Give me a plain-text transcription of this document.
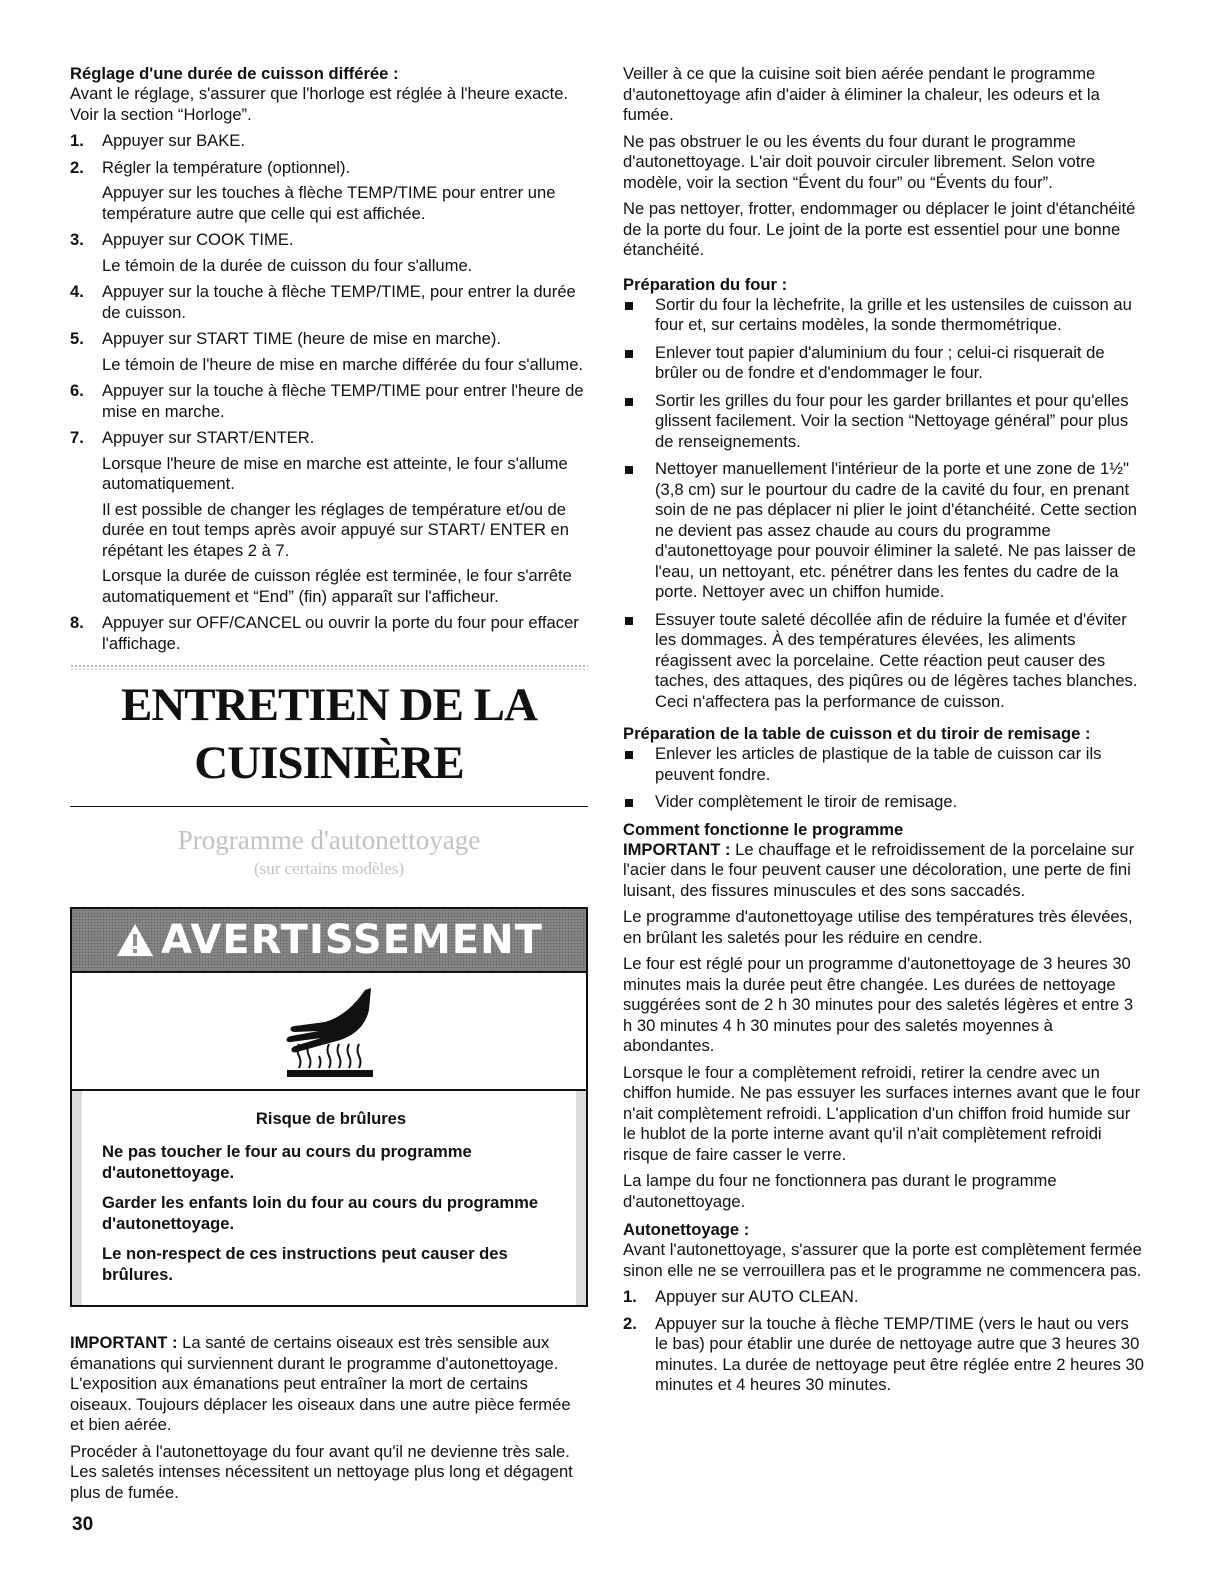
Réglage d'une durée de cuisson différée :

Avant le réglage, s'assurer que l'horloge est réglée à l'heure exacte. Voir la section “Horloge”.

1. Appuyer sur BAKE.
2. Régler la température (optionnel).
Appuyer sur les touches à flèche TEMP/TIME pour entrer une température autre que celle qui est affichée.
3. Appuyer sur COOK TIME.
Le témoin de la durée de cuisson du four s'allume.
4. Appuyer sur la touche à flèche TEMP/TIME, pour entrer la durée de cuisson.
5. Appuyer sur START TIME (heure de mise en marche).
Le témoin de l'heure de mise en marche différée du four s'allume.
6. Appuyer sur la touche à flèche TEMP/TIME pour entrer l'heure de mise en marche.
7. Appuyer sur START/ENTER.
Lorsque l'heure de mise en marche est atteinte, le four s'allume automatiquement.
Il est possible de changer les réglages de température et/ou de durée en tout temps après avoir appuyé sur START/ ENTER en répétant les étapes 2 à 7.
Lorsque la durée de cuisson réglée est terminée, le four s'arrête automatiquement et “End” (fin) apparaît sur l'afficheur.
8. Appuyer sur OFF/CANCEL ou ouvrir la porte du four pour effacer l'affichage.
ENTRETIEN DE LA CUISINIÈRE
Programme d'autonettoyage
(sur certains modèles)
AVERTISSEMENT

Risque de brûlures

Ne pas toucher le four au cours du programme d'autonettoyage.

Garder les enfants loin du four au cours du programme d'autonettoyage.

Le non-respect de ces instructions peut causer des brûlures.

IMPORTANT : La santé de certains oiseaux est très sensible aux émanations qui surviennent durant le programme d'autonettoyage. L'exposition aux émanations peut entraîner la mort de certains oiseaux. Toujours déplacer les oiseaux dans une autre pièce fermée et bien aérée.

Procéder à l'autonettoyage du four avant qu'il ne devienne très sale. Les saletés intenses nécessitent un nettoyage plus long et dégagent plus de fumée.

Veiller à ce que la cuisine soit bien aérée pendant le programme d'autonettoyage afin d'aider à éliminer la chaleur, les odeurs et la fumée.

Ne pas obstruer le ou les évents du four durant le programme d'autonettoyage. L'air doit pouvoir circuler librement. Selon votre modèle, voir la section “Évent du four” ou “Évents du four”.

Ne pas nettoyer, frotter, endommager ou déplacer le joint d'étanchéité de la porte du four. Le joint de la porte est essentiel pour une bonne étanchéité.

Préparation du four :

Sortir du four la lèchefrite, la grille et les ustensiles de cuisson au four et, sur certains modèles, la sonde thermométrique.
Enlever tout papier d'aluminium du four ; celui-ci risquerait de brûler ou de fondre et d'endommager le four.
Sortir les grilles du four pour les garder brillantes et pour qu'elles glissent facilement. Voir la section “Nettoyage général” pour plus de renseignements.
Nettoyer manuellement l'intérieur de la porte et une zone de 1½" (3,8 cm) sur le pourtour du cadre de la cavité du four, en prenant soin de ne pas déplacer ni plier le joint d'étanchéité. Cette section ne devient pas assez chaude au cours du programme d'autonettoyage pour pouvoir éliminer la saleté. Ne pas laisser de l'eau, un nettoyant, etc. pénétrer dans les fentes du cadre de la porte. Nettoyer avec un chiffon humide.
Essuyer toute saleté décollée afin de réduire la fumée et d'éviter les dommages. À des températures élevées, les aliments réagissent avec la porcelaine. Cette réaction peut causer des taches, des attaques, des piqûres ou de légères taches blanches. Ceci n'affectera pas la performance de cuisson.

Préparation de la table de cuisson et du tiroir de remisage :

Enlever les articles de plastique de la table de cuisson car ils peuvent fondre.
Vider complètement le tiroir de remisage.

Comment fonctionne le programme

IMPORTANT : Le chauffage et le refroidissement de la porcelaine sur l'acier dans le four peuvent causer une décoloration, une perte de fini luisant, des fissures minuscules et des sons saccadés.

Le programme d'autonettoyage utilise des températures très élevées, en brûlant les saletés pour les réduire en cendre.

Le four est réglé pour un programme d'autonettoyage de 3 heures 30 minutes mais la durée peut être changée. Les durées de nettoyage suggérées sont de 2 h 30 minutes pour des saletés légères et entre 3 h 30 minutes 4 h 30 minutes pour des saletés moyennes à abondantes.

Lorsque le four a complètement refroidi, retirer la cendre avec un chiffon humide. Ne pas essuyer les surfaces internes avant que le four n'ait complètement refroidi. L'application d'un chiffon froid humide sur le hublot de la porte interne avant qu'il n'ait complètement refroidi risque de faire casser le verre.

La lampe du four ne fonctionnera pas durant le programme d'autonettoyage.

Autonettoyage :

Avant l'autonettoyage, s'assurer que la porte est complètement fermée sinon elle ne se verrouillera pas et le programme ne commencera pas.

1. Appuyer sur AUTO CLEAN.
2. Appuyer sur la touche à flèche TEMP/TIME (vers le haut ou vers le bas) pour établir une durée de nettoyage autre que 3 heures 30 minutes. La durée de nettoyage peut être réglée entre 2 heures 30 minutes et 4 heures 30 minutes.
30
